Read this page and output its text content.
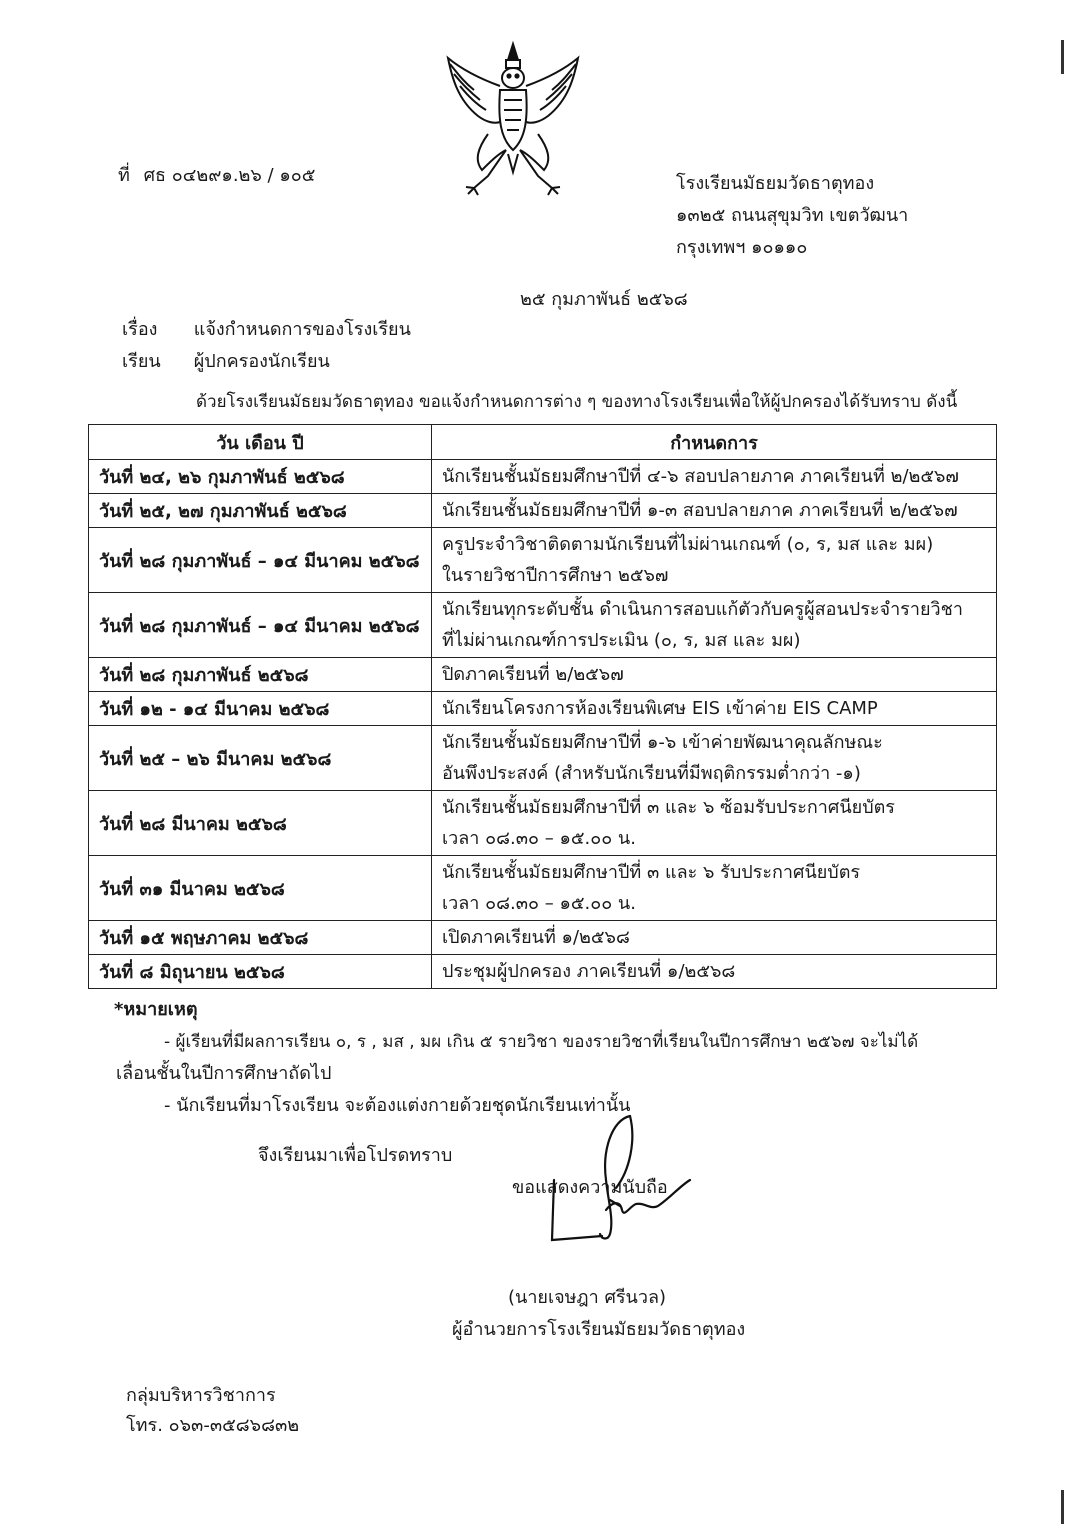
ที่ ศธ ๐๔๒๙๑.๒๖ / ๑๐๕	โรงเรียนมัธยมวัดธาตุทอง
๑๓๒๕ ถนนสุขุมวิท เขตวัฒนา
กรุงเทพฯ ๑๐๑๑๐
๒๕ กุมภาพันธ์ ๒๕๖๘
เรื่อง แจ้งกำหนดการของโรงเรียน
เรียน ผู้ปกครองนักเรียน
ด้วยโรงเรียนมัธยมวัดธาตุทอง ขอแจ้งกำหนดการต่าง ๆ ของทางโรงเรียนเพื่อให้ผู้ปกครองได้รับทราบ ดังนี้
วัน เดือน ปี	กำหนดการ
วันที่ ๒๔, ๒๖ กุมภาพันธ์ ๒๕๖๘	นักเรียนชั้นมัธยมศึกษาปีที่ ๔-๖ สอบปลายภาค ภาคเรียนที่ ๒/๒๕๖๗

วันที่ ๒๕, ๒๗ กุมภาพันธ์ ๒๕๖๘	นักเรียนชั้นมัธยมศึกษาปีที่ ๑-๓ สอบปลายภาค ภาคเรียนที่ ๒/๒๕๖๗

วันที่ ๒๘ กุมภาพันธ์ – ๑๔ มีนาคม ๒๕๖๘	ครูประจำวิชาติดตามนักเรียนที่ไม่ผ่านเกณฑ์ (๐, ร, มส และ มผ)
ในรายวิชาปีการศึกษา ๒๕๖๗

วันที่ ๒๘ กุมภาพันธ์ – ๑๔ มีนาคม ๒๕๖๘	นักเรียนทุกระดับชั้น ดำเนินการสอบแก้ตัวกับครูผู้สอนประจำรายวิชา
ที่ไม่ผ่านเกณฑ์การประเมิน (๐, ร, มส และ มผ)

วันที่ ๒๘ กุมภาพันธ์ ๒๕๖๘	ปิดภาคเรียนที่ ๒/๒๕๖๗

วันที่ ๑๒ - ๑๔ มีนาคม ๒๕๖๘	นักเรียนโครงการห้องเรียนพิเศษ EIS เข้าค่าย EIS CAMP

วันที่ ๒๕ – ๒๖ มีนาคม ๒๕๖๘	นักเรียนชั้นมัธยมศึกษาปีที่ ๑-๖ เข้าค่ายพัฒนาคุณลักษณะ
อันพึงประสงค์ (สำหรับนักเรียนที่มีพฤติกรรมต่ำกว่า -๑)

วันที่ ๒๘ มีนาคม ๒๕๖๘	นักเรียนชั้นมัธยมศึกษาปีที่ ๓ และ ๖ ซ้อมรับประกาศนียบัตร
เวลา ๐๘.๓๐ – ๑๕.๐๐ น.

วันที่ ๓๑ มีนาคม ๒๕๖๘	นักเรียนชั้นมัธยมศึกษาปีที่ ๓ และ ๖ รับประกาศนียบัตร
เวลา ๐๘.๓๐ – ๑๕.๐๐ น.

วันที่ ๑๕ พฤษภาคม ๒๕๖๘	เปิดภาคเรียนที่ ๑/๒๕๖๘

วันที่ ๘ มิถุนายน ๒๕๖๘	ประชุมผู้ปกครอง ภาคเรียนที่ ๑/๒๕๖๘
*หมายเหตุ
- ผู้เรียนที่มีผลการเรียน ๐, ร , มส , มผ เกิน ๕ รายวิชา ของรายวิชาที่เรียนในปีการศึกษา ๒๕๖๗ จะไม่ได้
เลื่อนชั้นในปีการศึกษาถัดไป
- นักเรียนที่มาโรงเรียน จะต้องแต่งกายด้วยชุดนักเรียนเท่านั้น
จึงเรียนมาเพื่อโปรดทราบ
ขอแสดงความนับถือ
(นายเจษฎา ศรีนวล)
ผู้อำนวยการโรงเรียนมัธยมวัดธาตุทอง
กลุ่มบริหารวิชาการ
โทร. ๐๖๓-๓๕๘๖๘๓๒
